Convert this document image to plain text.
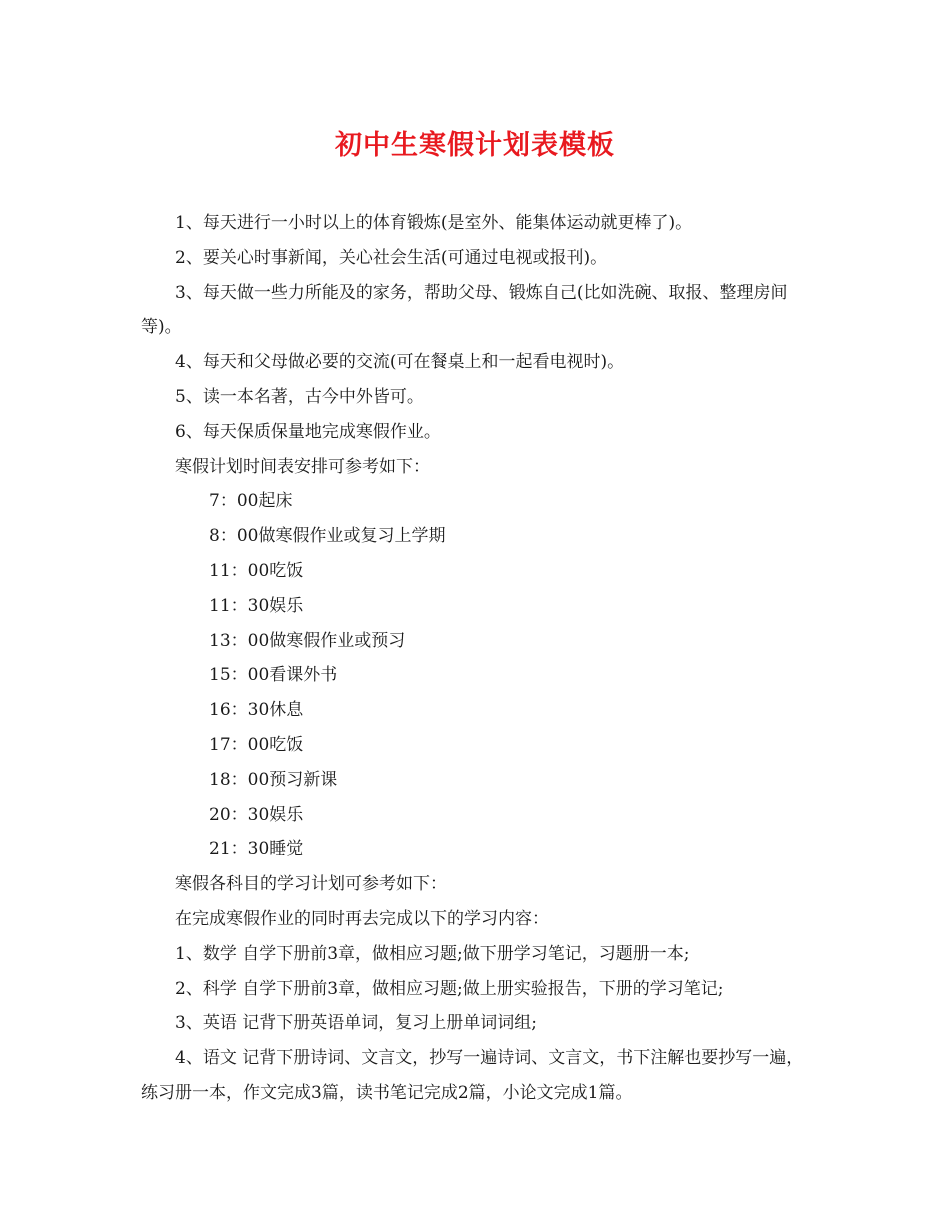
初中生寒假计划表模板

1、每天进行一小时以上的体育锻炼(是室外、能集体运动就更棒了)。

2、要关心时事新闻，关心社会生活(可通过电视或报刊)。

3、每天做一些力所能及的家务，帮助父母、锻炼自己(比如洗碗、取报、整理房间等)。

4、每天和父母做必要的交流(可在餐桌上和一起看电视时)。

5、读一本名著，古今中外皆可。

6、每天保质保量地完成寒假作业。

寒假计划时间表安排可参考如下：

7：00起床

8：00做寒假作业或复习上学期

11：00吃饭

11：30娱乐

13：00做寒假作业或预习

15：00看课外书

16：30休息

17：00吃饭

18：00预习新课

20：30娱乐

21：30睡觉

寒假各科目的学习计划可参考如下：

在完成寒假作业的同时再去完成以下的学习内容：

1、数学 自学下册前3章，做相应习题;做下册学习笔记，习题册一本;

2、科学 自学下册前3章，做相应习题;做上册实验报告，下册的学习笔记;

3、英语 记背下册英语单词，复习上册单词词组;

4、语文 记背下册诗词、文言文，抄写一遍诗词、文言文，书下注解也要抄写一遍，练习册一本，作文完成3篇，读书笔记完成2篇，小论文完成1篇。
